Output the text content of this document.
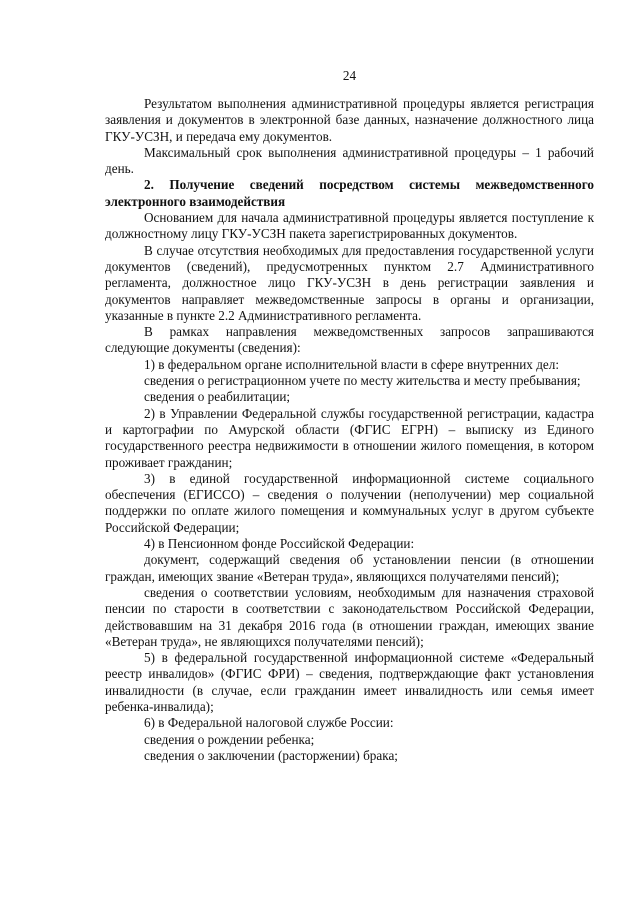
24

Результатом выполнения административной процедуры является регистрация заявления и документов в электронной базе данных, назначение должностного лица ГКУ-УСЗН, и передача ему документов.

Максимальный срок выполнения административной процедуры – 1 рабочий день.

2. Получение сведений посредством системы межведомственного электронного взаимодействия

Основанием для начала административной процедуры является поступление к должностному лицу ГКУ-УСЗН пакета зарегистрированных документов.

В случае отсутствия необходимых для предоставления государственной услуги документов (сведений), предусмотренных пунктом 2.7 Административного регламента, должностное лицо ГКУ-УСЗН в день регистрации заявления и документов направляет межведомственные запросы в органы и организации, указанные в пункте 2.2 Административного регламента.

В рамках направления межведомственных запросов запрашиваются следующие документы (сведения):

1) в федеральном органе исполнительной власти в сфере внутренних дел:

сведения о регистрационном учете по месту жительства и месту пребывания;

сведения о реабилитации;

2) в Управлении Федеральной службы государственной регистрации, кадастра и картографии по Амурской области (ФГИС ЕГРН) – выписку из Единого государственного реестра недвижимости в отношении жилого помещения, в котором проживает гражданин;

3) в единой государственной информационной системе социального обеспечения (ЕГИССО) – сведения о получении (неполучении) мер социальной поддержки по оплате жилого помещения и коммунальных услуг в другом субъекте Российской Федерации;

4) в Пенсионном фонде Российской Федерации:

документ, содержащий сведения об установлении пенсии (в отношении граждан, имеющих звание «Ветеран труда», являющихся получателями пенсий);

сведения о соответствии условиям, необходимым для назначения страховой пенсии по старости в соответствии с законодательством Российской Федерации, действовавшим на 31 декабря 2016 года (в отношении граждан, имеющих звание «Ветеран труда», не являющихся получателями пенсий);

5) в федеральной государственной информационной системе «Федеральный реестр инвалидов» (ФГИС ФРИ) – сведения, подтверждающие факт установления инвалидности (в случае, если гражданин имеет инвалидность или семья имеет ребенка-инвалида);

6) в Федеральной налоговой службе России:

сведения о рождении ребенка;

сведения о заключении (расторжении) брака;
